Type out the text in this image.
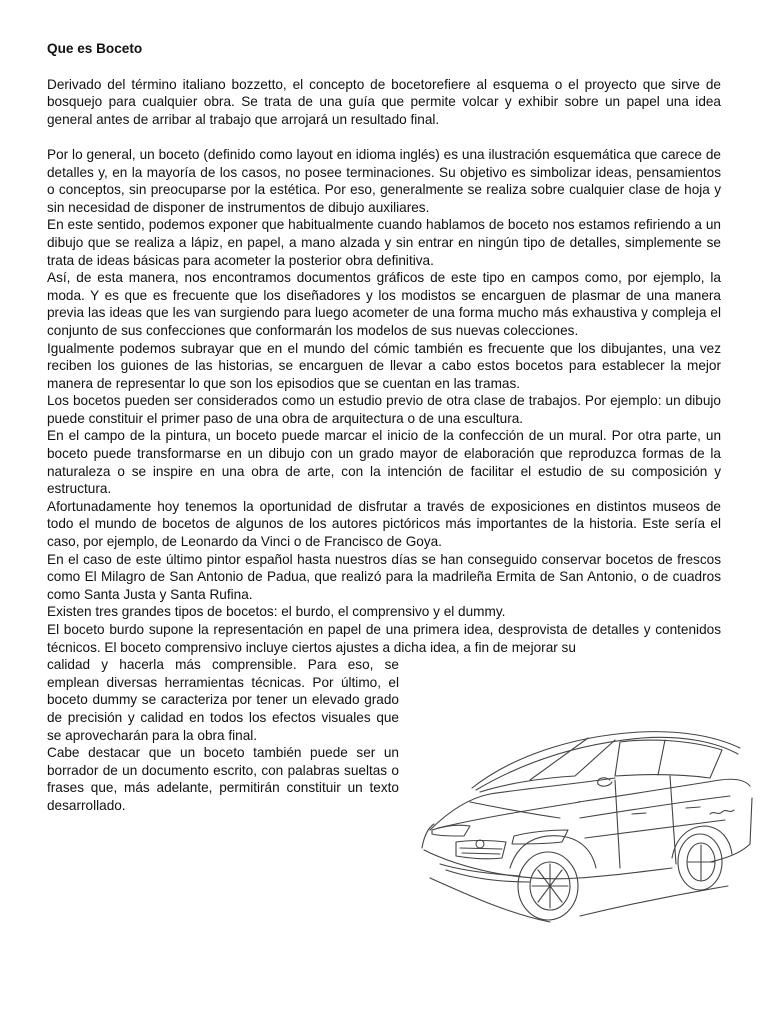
Que es Boceto

Derivado del término italiano bozzetto, el concepto de bocetorefiere al esquema o el proyecto que sirve de bosquejo para cualquier obra. Se trata de una guía que permite volcar y exhibir sobre un papel una idea general antes de arribar al trabajo que arrojará un resultado final.

Por lo general, un boceto (definido como layout en idioma inglés) es una ilustración esquemática que carece de detalles y, en la mayoría de los casos, no posee terminaciones. Su objetivo es simbolizar ideas, pensamientos o conceptos, sin preocuparse por la estética. Por eso, generalmente se realiza sobre cualquier clase de hoja y sin necesidad de disponer de instrumentos de dibujo auxiliares.

En este sentido, podemos exponer que habitualmente cuando hablamos de boceto nos estamos refiriendo a un dibujo que se realiza a lápiz, en papel, a mano alzada y sin entrar en ningún tipo de detalles, simplemente se trata de ideas básicas para acometer la posterior obra definitiva.

Así, de esta manera, nos encontramos documentos gráficos de este tipo en campos como, por ejemplo, la moda. Y es que es frecuente que los diseñadores y los modistos se encarguen de plasmar de una manera previa las ideas que les van surgiendo para luego acometer de una forma mucho más exhaustiva y compleja el conjunto de sus confecciones que conformarán los modelos de sus nuevas colecciones.

Igualmente podemos subrayar que en el mundo del cómic también es frecuente que los dibujantes, una vez reciben los guiones de las historias, se encarguen de llevar a cabo estos bocetos para establecer la mejor manera de representar lo que son los episodios que se cuentan en las tramas.

Los bocetos pueden ser considerados como un estudio previo de otra clase de trabajos. Por ejemplo: un dibujo puede constituir el primer paso de una obra de arquitectura o de una escultura.

En el campo de la pintura, un boceto puede marcar el inicio de la confección de un mural. Por otra parte, un boceto puede transformarse en un dibujo con un grado mayor de elaboración que reproduzca formas de la naturaleza o se inspire en una obra de arte, con la intención de facilitar el estudio de su composición y estructura.

Afortunadamente hoy tenemos la oportunidad de disfrutar a través de exposiciones en distintos museos de todo el mundo de bocetos de algunos de los autores pictóricos más importantes de la historia. Este sería el caso, por ejemplo, de Leonardo da Vinci o de Francisco de Goya.

En el caso de este último pintor español hasta nuestros días se han conseguido conservar bocetos de frescos como El Milagro de San Antonio de Padua, que realizó para la madrileña Ermita de San Antonio, o de cuadros como Santa Justa y Santa Rufina.

Existen tres grandes tipos de bocetos: el burdo, el comprensivo y el dummy.

El boceto burdo supone la representación en papel de una primera idea, desprovista de detalles y contenidos técnicos. El boceto comprensivo incluye ciertos ajustes a dicha idea, a fin de mejorar su

calidad y hacerla más comprensible. Para eso, se emplean diversas herramientas técnicas. Por último, el boceto dummy se caracteriza por tener un elevado grado de precisión y calidad en todos los efectos visuales que se aprovecharán para la obra final.

Cabe destacar que un boceto también puede ser un borrador de un documento escrito, con palabras sueltas o frases que, más adelante, permitirán constituir un texto desarrollado.
